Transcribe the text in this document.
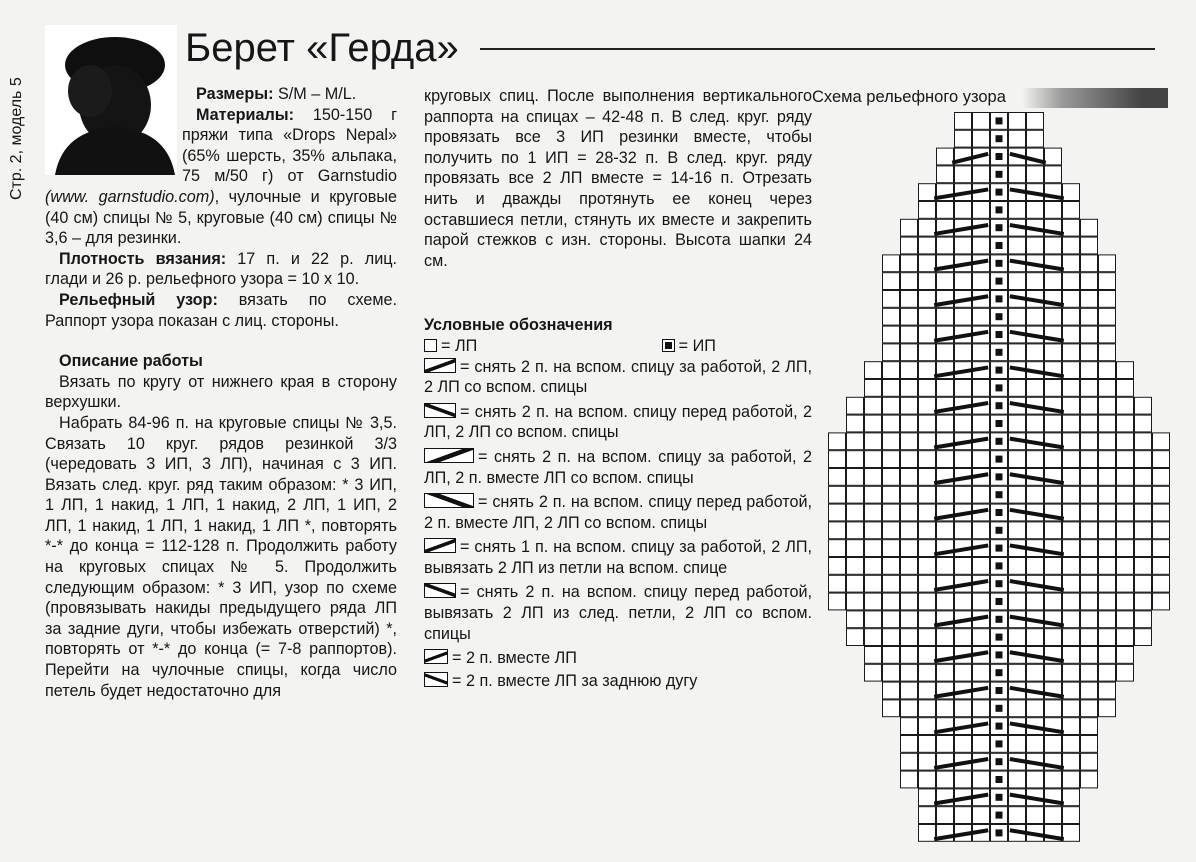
Стр. 2, модель 5
Берет «Герда»

Размеры: S/M – M/L.

Материалы: 150-150 г пряжи типа «Drops Nepal» (65% шерсть, 35% альпака, 75 м/50 г) от Garnstudio (www. garnstudio.com), чулочные и круговые (40 см) спицы № 5, круговые (40 см) спицы № 3,6 – для резинки.

Плотность вязания: 17 п. и 22 р. лиц. глади и 26 р. рельефного узора = 10 х 10.

Рельефный узор: вязать по схеме. Раппорт узора показан с лиц. стороны.

Описание работы

Вязать по кругу от нижнего края в сторону верхушки.

Набрать 84-96 п. на круговые спицы № 3,5. Связать 10 круг. рядов резинкой 3/3 (чередовать 3 ИП, 3 ЛП), начиная с 3 ИП. Вязать след. круг. ряд таким образом: * 3 ИП, 1 ЛП, 1 накид, 1 ЛП, 1 накид, 2 ЛП, 1 ИП, 2 ЛП, 1 накид, 1 ЛП, 1 накид, 1 ЛП *, повторять *-* до конца = 112-128 п. Продолжить работу на круговых спицах № 5. Продолжить следующим образом: * 3 ИП, узор по схеме (провязывать накиды предыдущего ряда ЛП за задние дуги, чтобы избежать отверстий) *, повторять от *-* до конца (= 7-8 раппортов). Перейти на чулочные спицы, когда число петель будет недостаточно для

круговых спиц. После выполнения вертикального раппорта на спицах – 42-48 п. В след. круг. ряду провязать все 3 ИП резинки вместе, чтобы получить по 1 ИП = 28-32 п. В след. круг. ряду провязать все 2 ЛП вместе = 14-16 п. Отрезать нить и дважды протянуть ее конец через оставшиеся петли, стянуть их вместе и закрепить парой стежков с изн. стороны. Высота шапки 24 см.

Условные обозначения

= ЛП	= ИП

= снять 2 п. на вспом. спицу за работой, 2 ЛП, 2 ЛП со вспом. спицы

= снять 2 п. на вспом. спицу перед работой, 2 ЛП, 2 ЛП со вспом. спицы

= снять 2 п. на вспом. спицу за работой, 2 ЛП, 2 п. вместе ЛП со вспом. спицы

= снять 2 п. на вспом. спицу перед работой, 2 п. вместе ЛП, 2 ЛП со вспом. спицы

= снять 1 п. на вспом. спицу за работой, 2 ЛП, вывязать 2 ЛП из петли на вспом. спице

= снять 2 п. на вспом. спицу перед работой, вывязать 2 ЛП из след. петли, 2 ЛП со вспом. спицы

= 2 п. вместе ЛП

= 2 п. вместе ЛП за заднюю дугу

Схема рельефного узора
